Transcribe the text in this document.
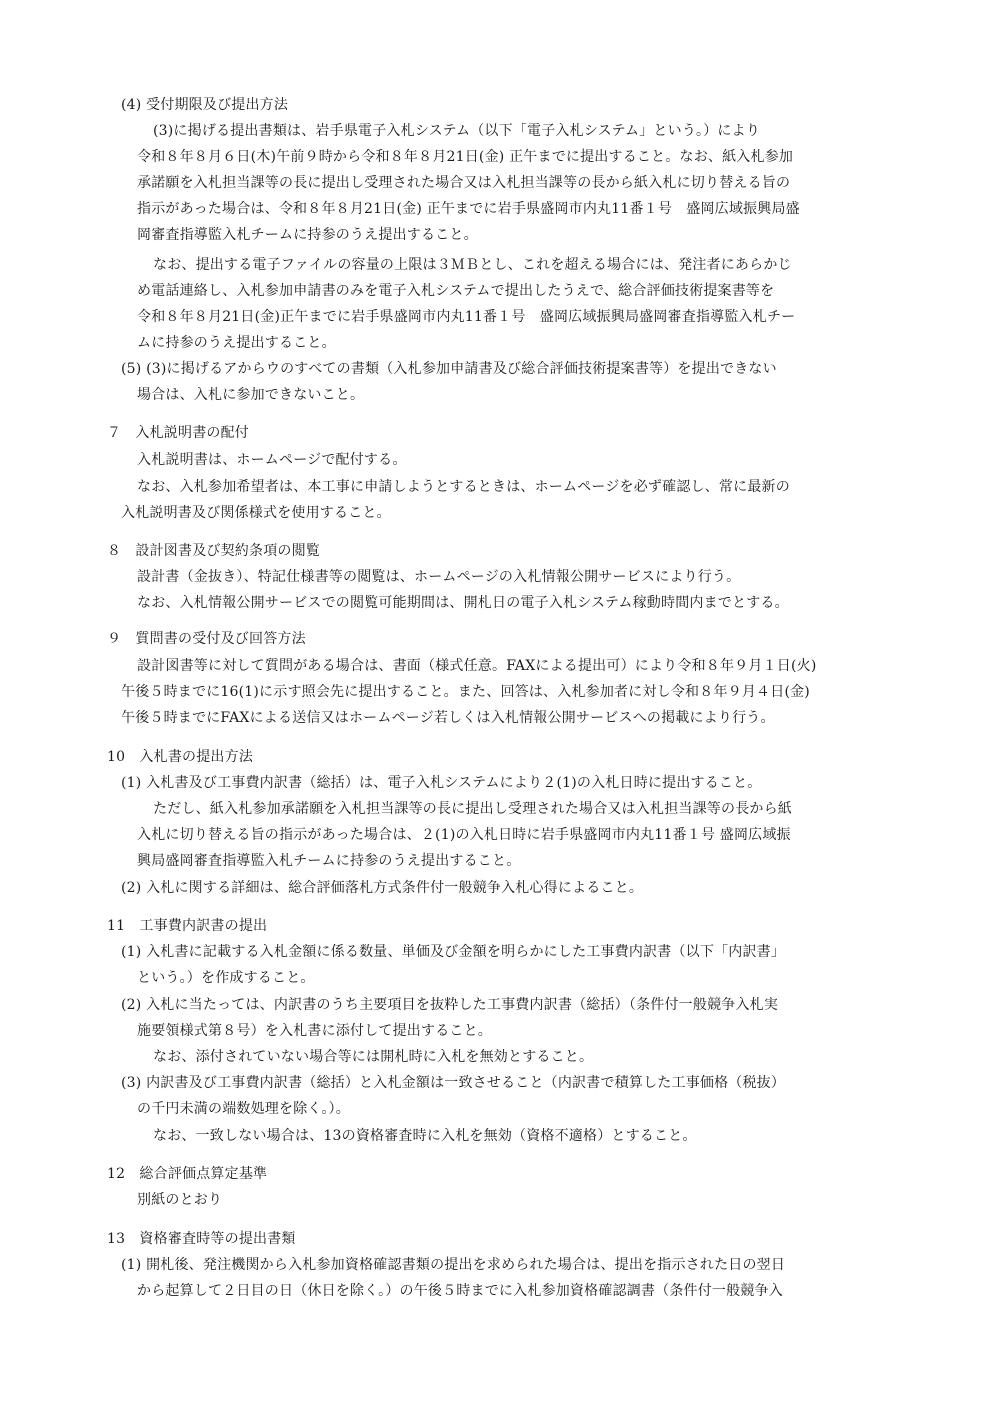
(4) 受付期限及び提出方法
(3)に掲げる提出書類は、岩手県電子入札システム（以下「電子入札システム」という。）により
令和８年８月６日(木)午前９時から令和８年８月21日(金) 正午までに提出すること。なお、紙入札参加
承諾願を入札担当課等の長に提出し受理された場合又は入札担当課等の長から紙入札に切り替える旨の
指示があった場合は、令和８年８月21日(金) 正午までに岩手県盛岡市内丸11番１号　盛岡広域振興局盛
岡審査指導監入札チームに持参のうえ提出すること。
なお、提出する電子ファイルの容量の上限は３ＭＢとし、これを超える場合には、発注者にあらかじ
め電話連絡し、入札参加申請書のみを電子入札システムで提出したうえで、総合評価技術提案書等を
令和８年８月21日(金)正午までに岩手県盛岡市内丸11番１号　盛岡広域振興局盛岡審査指導監入札チー
ムに持参のうえ提出すること。
(5) (3)に掲げるアからウのすべての書類（入札参加申請書及び総合評価技術提案書等）を提出できない
場合は、入札に参加できないこと。
７　入札説明書の配付
入札説明書は、ホームページで配付する。
なお、入札参加希望者は、本工事に申請しようとするときは、ホームページを必ず確認し、常に最新の
入札説明書及び関係様式を使用すること。
８　設計図書及び契約条項の閲覧
設計書（金抜き）、特記仕様書等の閲覧は、ホームページの入札情報公開サービスにより行う。
なお、入札情報公開サービスでの閲覧可能期間は、開札日の電子入札システム稼動時間内までとする。
９　質問書の受付及び回答方法
設計図書等に対して質問がある場合は、書面（様式任意。FAXによる提出可）により令和８年９月１日(火)
午後５時までに16(1)に示す照会先に提出すること。また、回答は、入札参加者に対し令和８年９月４日(金)
午後５時までにFAXによる送信又はホームページ若しくは入札情報公開サービスへの掲載により行う。
10　入札書の提出方法
(1) 入札書及び工事費内訳書（総括）は、電子入札システムにより２(1)の入札日時に提出すること。
ただし、紙入札参加承諾願を入札担当課等の長に提出し受理された場合又は入札担当課等の長から紙
入札に切り替える旨の指示があった場合は、２(1)の入札日時に岩手県盛岡市内丸11番１号 盛岡広域振
興局盛岡審査指導監入札チームに持参のうえ提出すること。
(2) 入札に関する詳細は、総合評価落札方式条件付一般競争入札心得によること。
11　工事費内訳書の提出
(1) 入札書に記載する入札金額に係る数量、単価及び金額を明らかにした工事費内訳書（以下「内訳書」
という。）を作成すること。
(2) 入札に当たっては、内訳書のうち主要項目を抜粋した工事費内訳書（総括）（条件付一般競争入札実
施要領様式第８号）を入札書に添付して提出すること。
なお、添付されていない場合等には開札時に入札を無効とすること。
(3) 内訳書及び工事費内訳書（総括）と入札金額は一致させること（内訳書で積算した工事価格（税抜）
の千円未満の端数処理を除く。）。
なお、一致しない場合は、13の資格審査時に入札を無効（資格不適格）とすること。
12　総合評価点算定基準
別紙のとおり
13　資格審査時等の提出書類
(1) 開札後、発注機関から入札参加資格確認書類の提出を求められた場合は、提出を指示された日の翌日
から起算して２日目の日（休日を除く。）の午後５時までに入札参加資格確認調書（条件付一般競争入
